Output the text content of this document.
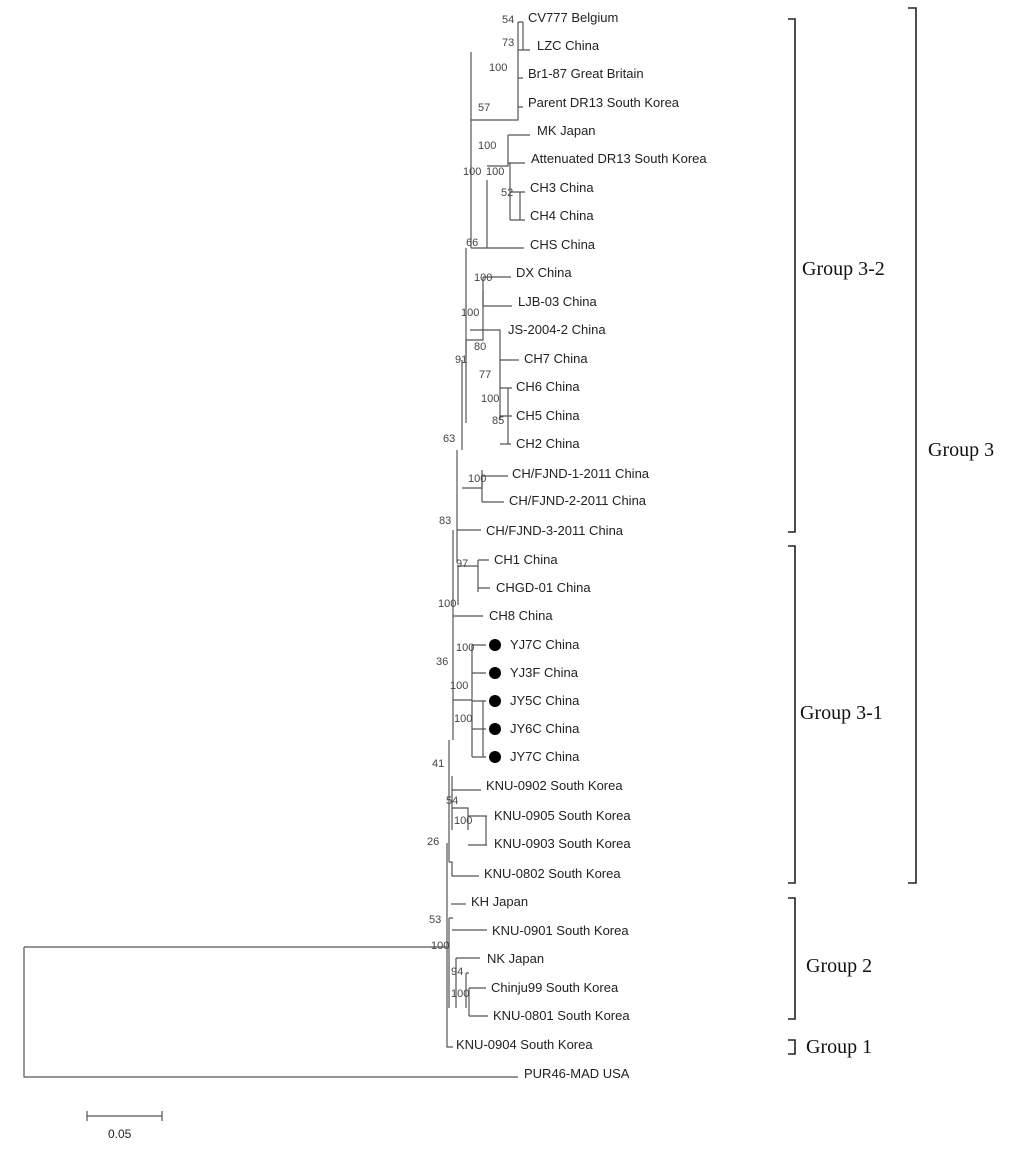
CV777 Belgium
LZC China
Br1-87 Great Britain
Parent DR13 South Korea
MK Japan
Attenuated DR13 South Korea
CH3 China
CH4 China
CHS China
DX China
LJB-03 China
JS-2004-2 China
CH7 China
CH6 China
CH5 China
CH2 China
CH/FJND-1-2011 China
CH/FJND-2-2011 China
CH/FJND-3-2011 China
CH1 China
CHGD-01 China
CH8 China
YJ7C China
YJ3F China
JY5C China
JY6C China
JY7C China
KNU-0902 South Korea
KNU-0905 South Korea
KNU-0903 South Korea
KNU-0802 South Korea
KH Japan
KNU-0901 South Korea
NK Japan
Chinju99 South Korea
KNU-0801 South Korea
KNU-0904 South Korea
PUR46-MAD USA
54
73
100
57
100
100 100
52
66
100
100
80
91
77
100
85
63
100
83
97
100
100
36
100
100
41
54
100
26
53
100
94
100
Group 3-2
Group 3-1
Group 3
Group 2
Group 1
0.05
